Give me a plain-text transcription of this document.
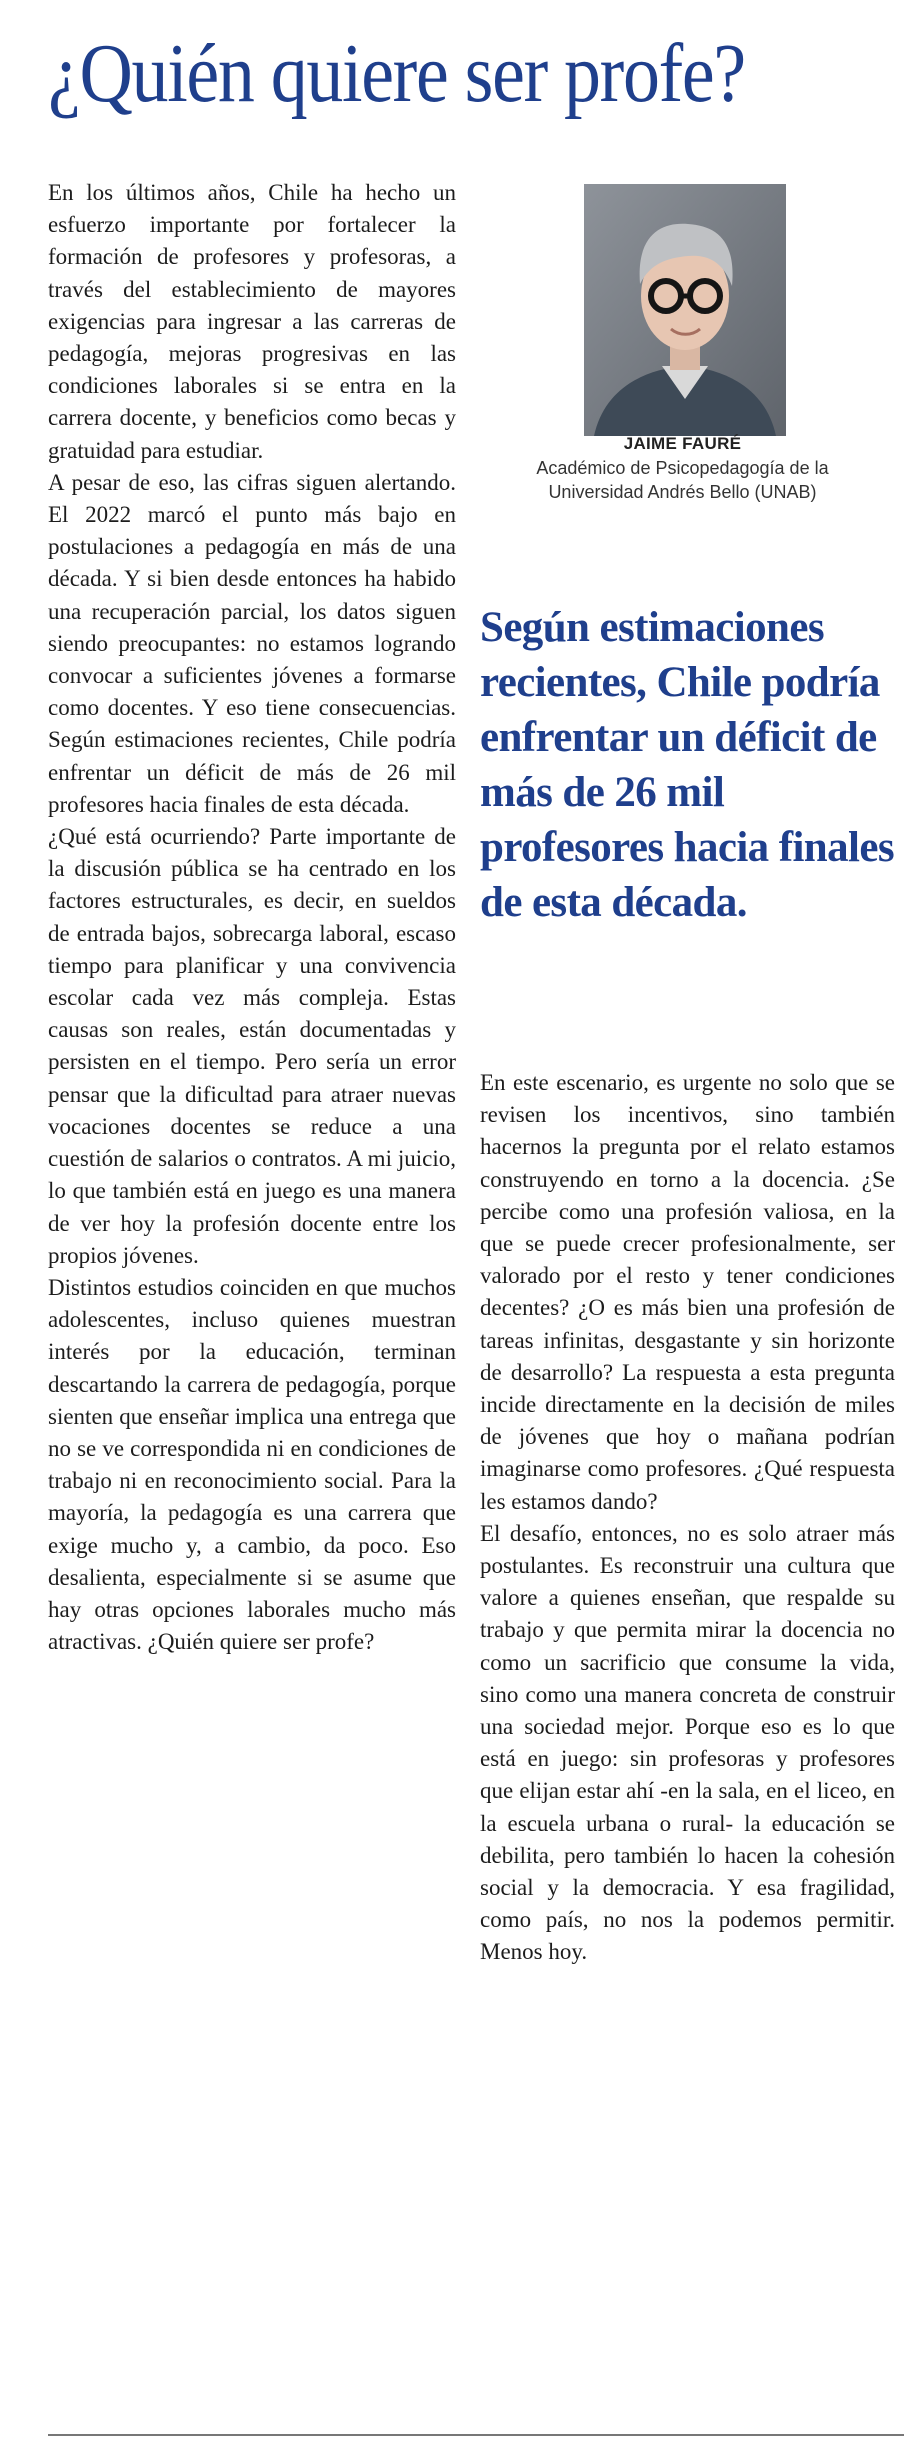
¿Quién quiere ser profe?

En los últimos años, Chile ha hecho un esfuerzo importante por fortalecer la formación de profesores y profesoras, a través del establecimiento de mayores exigencias para ingresar a las carreras de pedagogía, mejoras progresivas en las condiciones laborales si se entra en la carrera docente, y beneficios como becas y gratuidad para estudiar.

A pesar de eso, las cifras siguen alertando. El 2022 marcó el punto más bajo en postulaciones a pedagogía en más de una década. Y si bien desde entonces ha habido una recuperación parcial, los datos siguen siendo preocupantes: no estamos logrando convocar a suficientes jóvenes a formarse como docentes. Y eso tiene consecuencias. Según estimaciones recientes, Chile podría enfrentar un déficit de más de 26 mil profesores hacia finales de esta década.

¿Qué está ocurriendo? Parte importante de la discusión pública se ha centrado en los factores estructurales, es decir, en sueldos de entrada bajos, sobrecarga laboral, escaso tiempo para planificar y una convivencia escolar cada vez más compleja. Estas causas son reales, están documentadas y persisten en el tiempo. Pero sería un error pensar que la dificultad para atraer nuevas vocaciones docentes se reduce a una cuestión de salarios o contratos. A mi juicio, lo que también está en juego es una manera de ver hoy la profesión docente entre los propios jóvenes.

Distintos estudios coinciden en que muchos adolescentes, incluso quienes muestran interés por la educación, terminan descartando la carrera de pedagogía, porque sienten que enseñar implica una entrega que no se ve correspondida ni en condiciones de trabajo ni en reconocimiento social. Para la mayoría, la pedagogía es una carrera que exige mucho y, a cambio, da poco. Eso desalienta, especialmente si se asume que hay otras opciones laborales mucho más atractivas. ¿Quién quiere ser profe?

JAIME FAURÉ
Académico de Psicopedagogía de la
Universidad Andrés Bello (UNAB)

Según estimaciones recientes, Chile podría enfrentar un déficit de más de 26 mil profesores hacia finales de esta década.

En este escenario, es urgente no solo que se revisen los incentivos, sino también hacernos la pregunta por el relato estamos construyendo en torno a la docencia. ¿Se percibe como una profesión valiosa, en la que se puede crecer profesionalmente, ser valorado por el resto y tener condiciones decentes? ¿O es más bien una profesión de tareas infinitas, desgastante y sin horizonte de desarrollo? La respuesta a esta pregunta incide directamente en la decisión de miles de jóvenes que hoy o mañana podrían imaginarse como profesores. ¿Qué respuesta les estamos dando?

El desafío, entonces, no es solo atraer más postulantes. Es reconstruir una cultura que valore a quienes enseñan, que respalde su trabajo y que permita mirar la docencia no como un sacrificio que consume la vida, sino como una manera concreta de construir una sociedad mejor. Porque eso es lo que está en juego: sin profesoras y profesores que elijan estar ahí -en la sala, en el liceo, en la escuela urbana o rural- la educación se debilita, pero también lo hacen la cohesión social y la democracia. Y esa fragilidad, como país, no nos la podemos permitir. Menos hoy.
